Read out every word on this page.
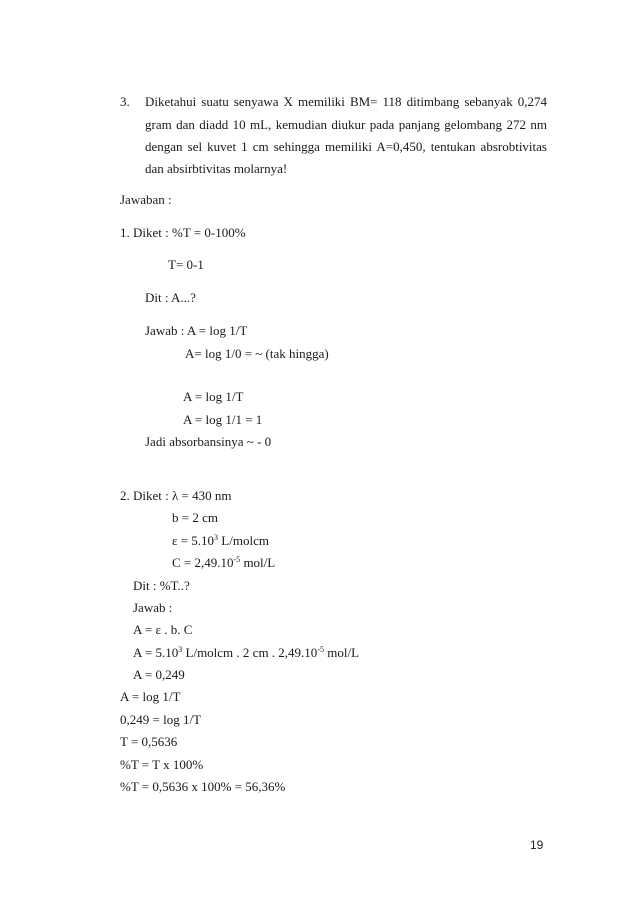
3. Diketahui suatu senyawa X memiliki BM= 118 ditimbang sebanyak 0,274
gram dan diadd 10 mL, kemudian diukur pada panjang gelombang 272 nm
dengan sel kuvet 1 cm sehingga memiliki A=0,450, tentukan absrobtivitas
dan absirbtivitas molarnya!
Jawaban :
1. Diket : %T = 0-100%
T= 0-1
Dit : A...?
Jawab : A = log 1/T
A= log 1/0 = ~ (tak hingga)
A = log 1/T
A = log 1/1 = 1
Jadi absorbansinya ~ - 0
2. Diket : λ = 430 nm
b = 2 cm
$\varepsilon = 5.10^3$ L/molcm
$C = 2,49.10^{-5}$ mol/L
Dit : %T..?
Jawab :
A = ε . b. C
$A = 5.10^3$ L/molcm . 2 cm . $2,49.10^{-5}$ mol/L
A = 0,249
A = log 1/T
0,249 = log 1/T
T = 0,5636
%T = T x 100%
%T = 0,5636 x 100% = 56,36%
19
